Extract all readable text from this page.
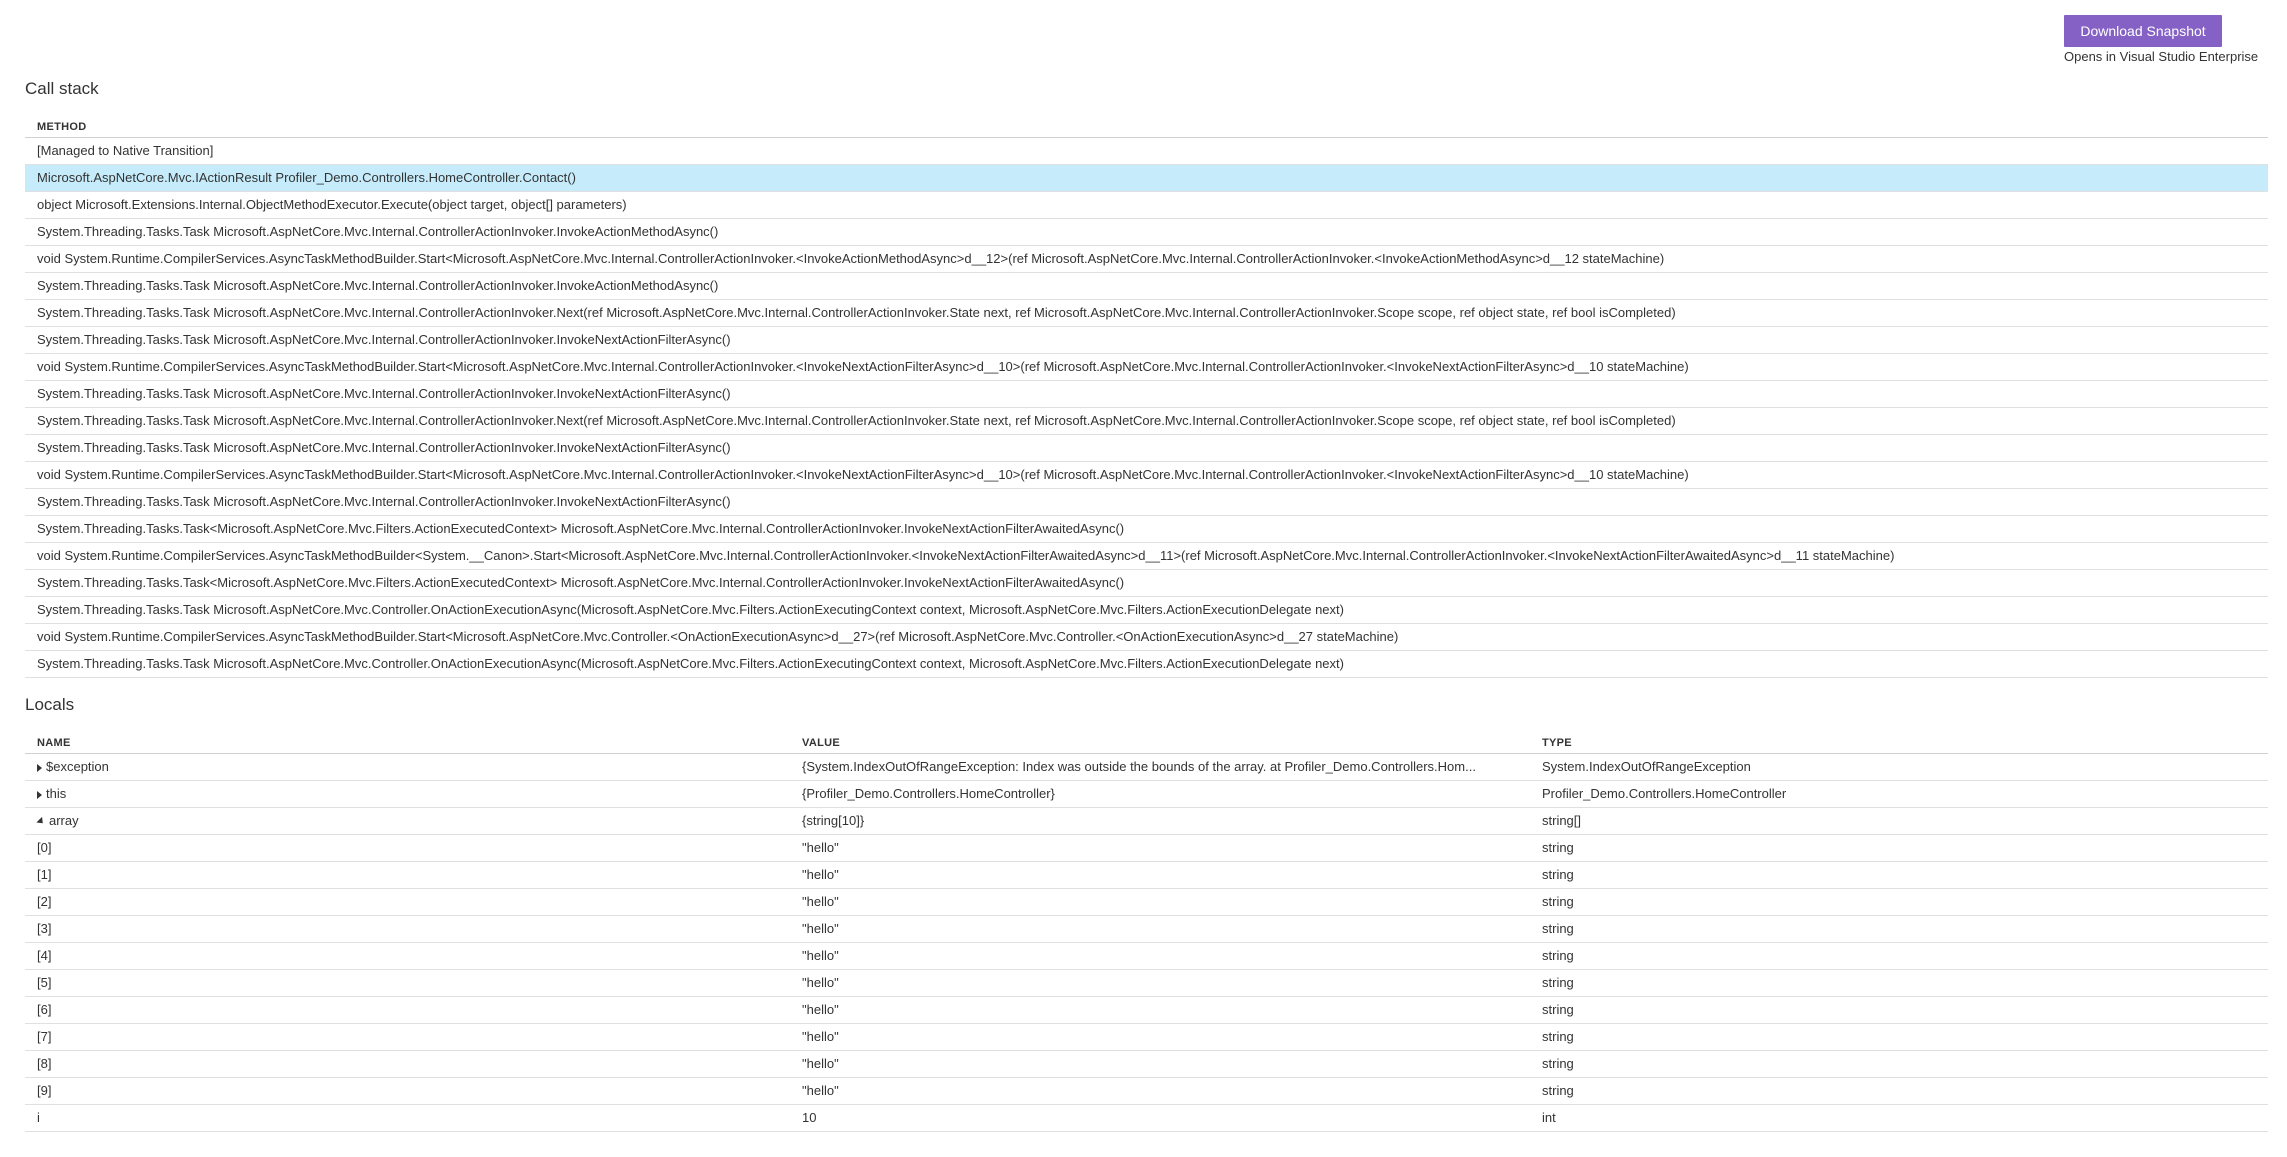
Download Snapshot
Opens in Visual Studio Enterprise
Call stack
METHOD
[Managed to Native Transition]
Microsoft.AspNetCore.Mvc.IActionResult Profiler_Demo.Controllers.HomeController.Contact()
object Microsoft.Extensions.Internal.ObjectMethodExecutor.Execute(object target, object[] parameters)
System.Threading.Tasks.Task Microsoft.AspNetCore.Mvc.Internal.ControllerActionInvoker.InvokeActionMethodAsync()
void System.Runtime.CompilerServices.AsyncTaskMethodBuilder.Start<Microsoft.AspNetCore.Mvc.Internal.ControllerActionInvoker.<InvokeActionMethodAsync>d__12>(ref Microsoft.AspNetCore.Mvc.Internal.ControllerActionInvoker.<InvokeActionMethodAsync>d__12 stateMachine)
System.Threading.Tasks.Task Microsoft.AspNetCore.Mvc.Internal.ControllerActionInvoker.InvokeActionMethodAsync()
System.Threading.Tasks.Task Microsoft.AspNetCore.Mvc.Internal.ControllerActionInvoker.Next(ref Microsoft.AspNetCore.Mvc.Internal.ControllerActionInvoker.State next, ref Microsoft.AspNetCore.Mvc.Internal.ControllerActionInvoker.Scope scope, ref object state, ref bool isCompleted)
System.Threading.Tasks.Task Microsoft.AspNetCore.Mvc.Internal.ControllerActionInvoker.InvokeNextActionFilterAsync()
void System.Runtime.CompilerServices.AsyncTaskMethodBuilder.Start<Microsoft.AspNetCore.Mvc.Internal.ControllerActionInvoker.<InvokeNextActionFilterAsync>d__10>(ref Microsoft.AspNetCore.Mvc.Internal.ControllerActionInvoker.<InvokeNextActionFilterAsync>d__10 stateMachine)
System.Threading.Tasks.Task Microsoft.AspNetCore.Mvc.Internal.ControllerActionInvoker.InvokeNextActionFilterAsync()
System.Threading.Tasks.Task Microsoft.AspNetCore.Mvc.Internal.ControllerActionInvoker.Next(ref Microsoft.AspNetCore.Mvc.Internal.ControllerActionInvoker.State next, ref Microsoft.AspNetCore.Mvc.Internal.ControllerActionInvoker.Scope scope, ref object state, ref bool isCompleted)
System.Threading.Tasks.Task Microsoft.AspNetCore.Mvc.Internal.ControllerActionInvoker.InvokeNextActionFilterAsync()
void System.Runtime.CompilerServices.AsyncTaskMethodBuilder.Start<Microsoft.AspNetCore.Mvc.Internal.ControllerActionInvoker.<InvokeNextActionFilterAsync>d__10>(ref Microsoft.AspNetCore.Mvc.Internal.ControllerActionInvoker.<InvokeNextActionFilterAsync>d__10 stateMachine)
System.Threading.Tasks.Task Microsoft.AspNetCore.Mvc.Internal.ControllerActionInvoker.InvokeNextActionFilterAsync()
System.Threading.Tasks.Task<Microsoft.AspNetCore.Mvc.Filters.ActionExecutedContext> Microsoft.AspNetCore.Mvc.Internal.ControllerActionInvoker.InvokeNextActionFilterAwaitedAsync()
void System.Runtime.CompilerServices.AsyncTaskMethodBuilder<System.__Canon>.Start<Microsoft.AspNetCore.Mvc.Internal.ControllerActionInvoker.<InvokeNextActionFilterAwaitedAsync>d__11>(ref Microsoft.AspNetCore.Mvc.Internal.ControllerActionInvoker.<InvokeNextActionFilterAwaitedAsync>d__11 stateMachine)
System.Threading.Tasks.Task<Microsoft.AspNetCore.Mvc.Filters.ActionExecutedContext> Microsoft.AspNetCore.Mvc.Internal.ControllerActionInvoker.InvokeNextActionFilterAwaitedAsync()
System.Threading.Tasks.Task Microsoft.AspNetCore.Mvc.Controller.OnActionExecutionAsync(Microsoft.AspNetCore.Mvc.Filters.ActionExecutingContext context, Microsoft.AspNetCore.Mvc.Filters.ActionExecutionDelegate next)
void System.Runtime.CompilerServices.AsyncTaskMethodBuilder.Start<Microsoft.AspNetCore.Mvc.Controller.<OnActionExecutionAsync>d__27>(ref Microsoft.AspNetCore.Mvc.Controller.<OnActionExecutionAsync>d__27 stateMachine)
System.Threading.Tasks.Task Microsoft.AspNetCore.Mvc.Controller.OnActionExecutionAsync(Microsoft.AspNetCore.Mvc.Filters.ActionExecutingContext context, Microsoft.AspNetCore.Mvc.Filters.ActionExecutionDelegate next)
Locals
NAME	VALUE	TYPE
$exception	{System.IndexOutOfRangeException: Index was outside the bounds of the array. at Profiler_Demo.Controllers.Hom...	System.IndexOutOfRangeException
this	{Profiler_Demo.Controllers.HomeController}	Profiler_Demo.Controllers.HomeController
array	{string[10]}	string[]
[0]	"hello"	string
[1]	"hello"	string
[2]	"hello"	string
[3]	"hello"	string
[4]	"hello"	string
[5]	"hello"	string
[6]	"hello"	string
[7]	"hello"	string
[8]	"hello"	string
[9]	"hello"	string
i	10	int
